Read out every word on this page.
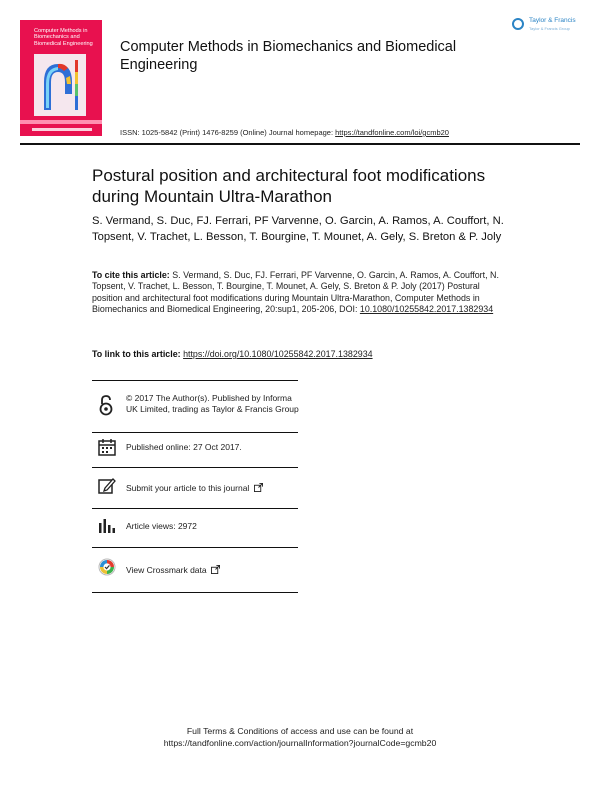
Computer Methods in Biomechanics and Biomedical Engineering Computer Methods in Biomechanics and Biomedical Engineering
Taylor & Francis
Taylor & Francis Group
ISSN: 1025-5842 (Print) 1476-8259 (Online) Journal homepage: https://tandfonline.com/loi/gcmb20
Postural position and architectural foot modifications during Mountain Ultra-Marathon
S. Vermand, S. Duc, FJ. Ferrari, PF Varvenne, O. Garcin, A. Ramos, A. Couffort, N. Topsent, V. Trachet, L. Besson, T. Bourgine, T. Mounet, A. Gely, S. Breton & P. Joly
To cite this article: S. Vermand, S. Duc, FJ. Ferrari, PF Varvenne, O. Garcin, A. Ramos, A. Couffort, N. Topsent, V. Trachet, L. Besson, T. Bourgine, T. Mounet, A. Gely, S. Breton & P. Joly (2017) Postural position and architectural foot modifications during Mountain Ultra-Marathon, Computer Methods in Biomechanics and Biomedical Engineering, 20:sup1, 205-206, DOI: 10.1080/10255842.2017.1382934
To link to this article: https://doi.org/10.1080/10255842.2017.1382934
© 2017 The Author(s). Published by Informa UK Limited, trading as Taylor & Francis Group
Published online: 27 Oct 2017.
Submit your article to this journal
Article views: 2972
View Crossmark data
Full Terms & Conditions of access and use can be found at
https://tandfonline.com/action/journalInformation?journalCode=gcmb20
